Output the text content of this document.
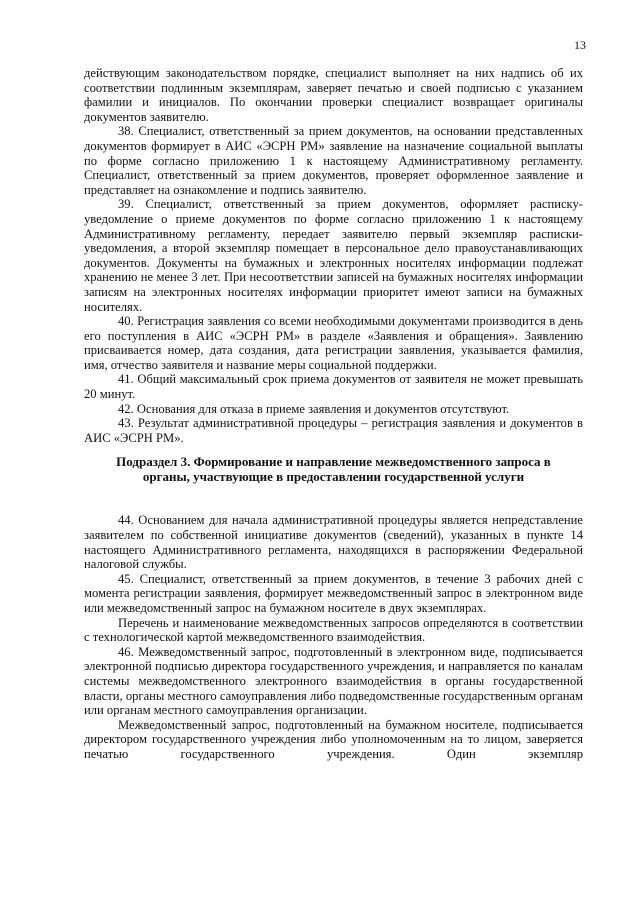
13

действующим законодательством порядке, специалист выполняет на них надпись об их соответствии подлинным экземплярам, заверяет печатью и своей подписью с указанием фамилии и инициалов. По окончании проверки специалист возвращает оригиналы документов заявителю.

38. Специалист, ответственный за прием документов, на основании представленных документов формирует в АИС «ЭСРН РМ» заявление на назначение социальной выплаты по форме согласно приложению 1 к настоящему Административному регламенту. Специалист, ответственный за прием документов, проверяет оформленное заявление и представляет на ознакомление и подпись заявителю.

39. Специалист, ответственный за прием документов, оформляет расписку-уведомление о приеме документов по форме согласно приложению 1 к настоящему Административному регламенту, передает заявителю первый экземпляр расписки-уведомления, а второй экземпляр помещает в персональное дело правоустанавливающих документов. Документы на бумажных и электронных носителях информации подлежат хранению не менее 3 лет. При несоответствии записей на бумажных носителях информации записям на электронных носителях информации приоритет имеют записи на бумажных носителях.

40. Регистрация заявления со всеми необходимыми документами производится в день его поступления в АИС «ЭСРН РМ» в разделе «Заявления и обращения». Заявлению присваивается номер, дата создания, дата регистрации заявления, указывается фамилия, имя, отчество заявителя и название меры социальной поддержки.

41. Общий максимальный срок приема документов от заявителя не может превышать 20 минут.

42. Основания для отказа в приеме заявления и документов отсутствуют.

43. Результат административной процедуры – регистрация заявления и документов в АИС «ЭСРН РМ».

Подраздел 3. Формирование и направление межведомственного запроса в органы, участвующие в предоставлении государственной услуги

44. Основанием для начала административной процедуры является непредставление заявителем по собственной инициативе документов (сведений), указанных в пункте 14 настоящего Административного регламента, находящихся в распоряжении Федеральной налоговой службы.

45. Специалист, ответственный за прием документов, в течение 3 рабочих дней с момента регистрации заявления, формирует межведомственный запрос в электронном виде или межведомственный запрос на бумажном носителе в двух экземплярах.

Перечень и наименование межведомственных запросов определяются в соответствии с технологической картой межведомственного взаимодействия.

46. Межведомственный запрос, подготовленный в электронном виде, подписывается электронной подписью директора государственного учреждения, и направляется по каналам системы межведомственного электронного взаимодействия в органы государственной власти, органы местного самоуправления либо подведомственные государственным органам или органам местного самоуправления организации.

Межведомственный запрос, подготовленный на бумажном носителе, подписывается директором государственного учреждения либо уполномоченным на то лицом, заверяется печатью государственного учреждения. Один экземпляр
